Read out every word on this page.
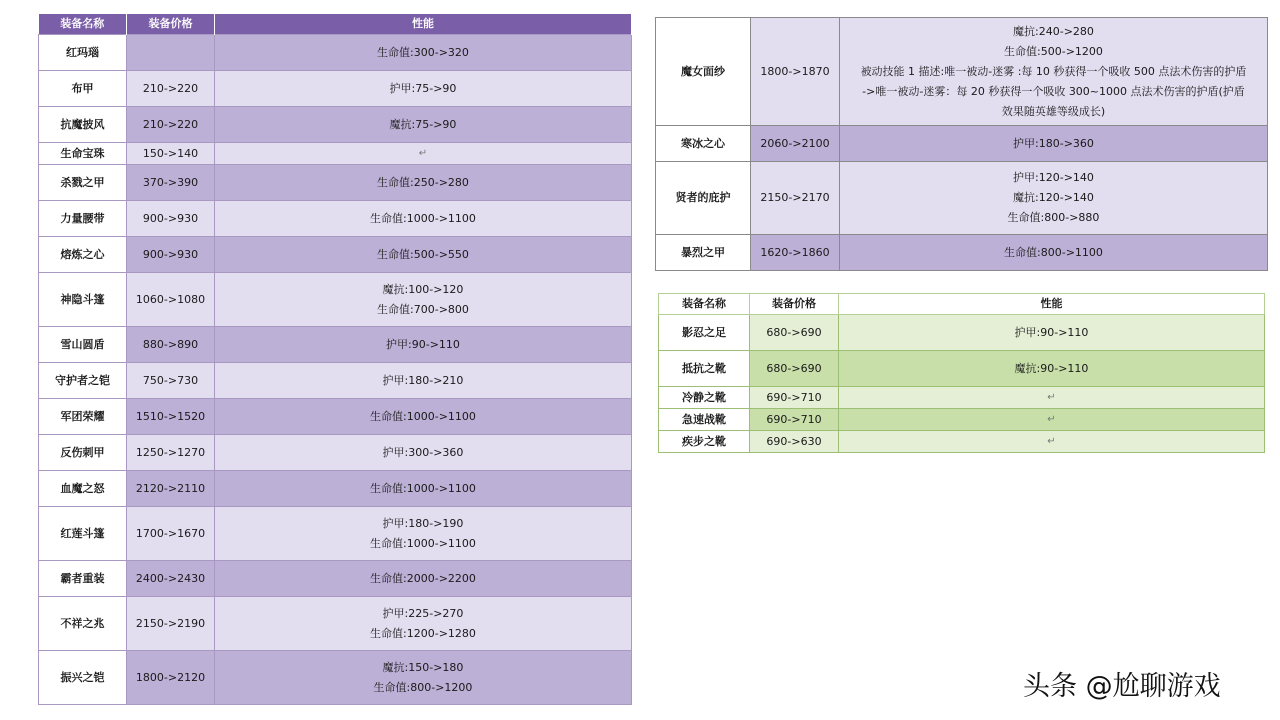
装备名称	装备价格	性能
红玛瑙		生命值:300->320

布甲	210->220	护甲:75->90

抗魔披风	210->220	魔抗:75->90

生命宝珠	150->140	↵
杀戮之甲	370->390	生命值:250->280

力量腰带	900->930	生命值:1000->1100

熔炼之心	900->930	生命值:500->550

神隐斗篷	1060->1080	魔抗:100->120
生命值:700->800

雪山圆盾	880->890	护甲:90->110

守护者之铠	750->730	护甲:180->210

军团荣耀	1510->1520	生命值:1000->1100

反伤刺甲	1250->1270	护甲:300->360

血魔之怒	2120->2110	生命值:1000->1100

红莲斗篷	1700->1670	护甲:180->190
生命值:1000->1100

霸者重装	2400->2430	生命值:2000->2200

不祥之兆	2150->2190	护甲:225->270
生命值:1200->1280

振兴之铠	1800->2120	魔抗:150->180
生命值:800->1200
魔女面纱	1800->1870	魔抗:240->280
生命值:500->1200
被动技能 1 描述:唯一被动-迷雾 :每 10 秒获得一个吸收 500 点法术伤害的护盾
->唯一被动-迷雾：每 20 秒获得一个吸收 300~1000 点法术伤害的护盾(护盾
效果随英雄等级成长)

寒冰之心	2060->2100	护甲:180->360

贤者的庇护	2150->2170	护甲:120->140
魔抗:120->140
生命值:800->880

暴烈之甲	1620->1860	生命值:800->1100
装备名称	装备价格	性能
影忍之足	680->690	护甲:90->110

抵抗之靴	680->690	魔抗:90->110

冷静之靴	690->710	↵
急速战靴	690->710	↵
疾步之靴	690->630	↵
头条 @尬聊游戏
